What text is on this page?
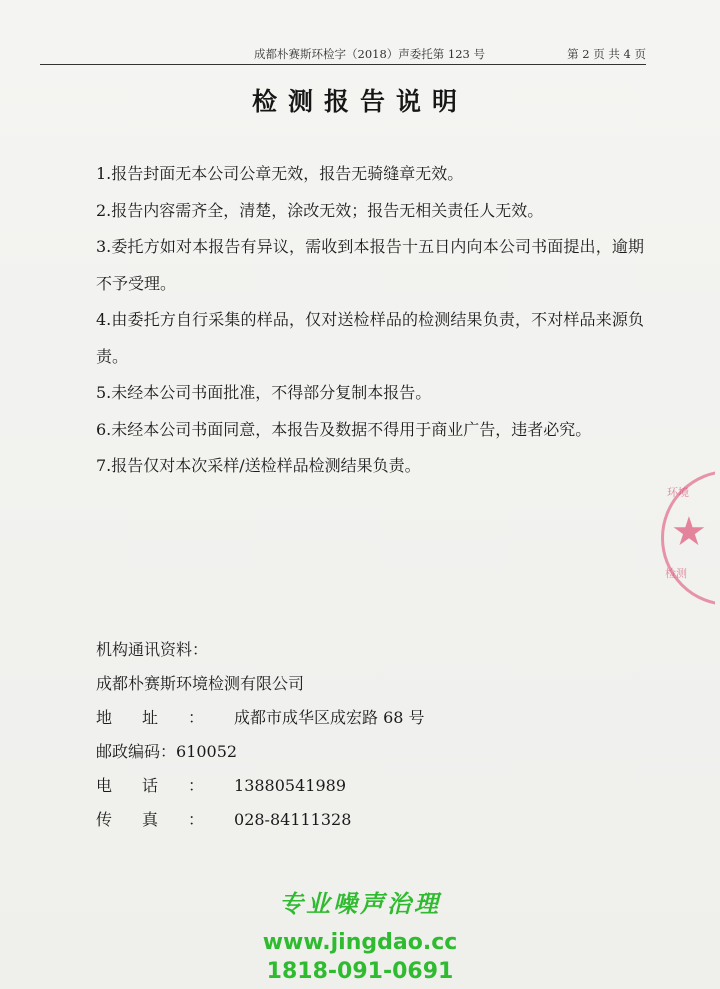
成都朴赛斯环检字（2018）声委托第 123 号	第 2 页 共 4 页
检测报告说明

1.报告封面无本公司公章无效，报告无骑缝章无效。

2.报告内容需齐全，清楚，涂改无效；报告无相关责任人无效。

3.委托方如对本报告有异议，需收到本报告十五日内向本公司书面提出，逾期不予受理。

4.由委托方自行采集的样品，仅对送检样品的检测结果负责，不对样品来源负责。

5.未经本公司书面批准，不得部分复制本报告。

6.未经本公司书面同意，本报告及数据不得用于商业广告，违者必究。

7.报告仅对本次采样/送检样品检测结果负责。

环境
★
检测
机构通讯资料：
成都朴赛斯环境检测有限公司
地址：成都市成华区成宏路 68 号
邮政编码：610052
电话：13880541989
传真：028-84111328
专业噪声治理
www.jingdao.cc
1818-091-0691
